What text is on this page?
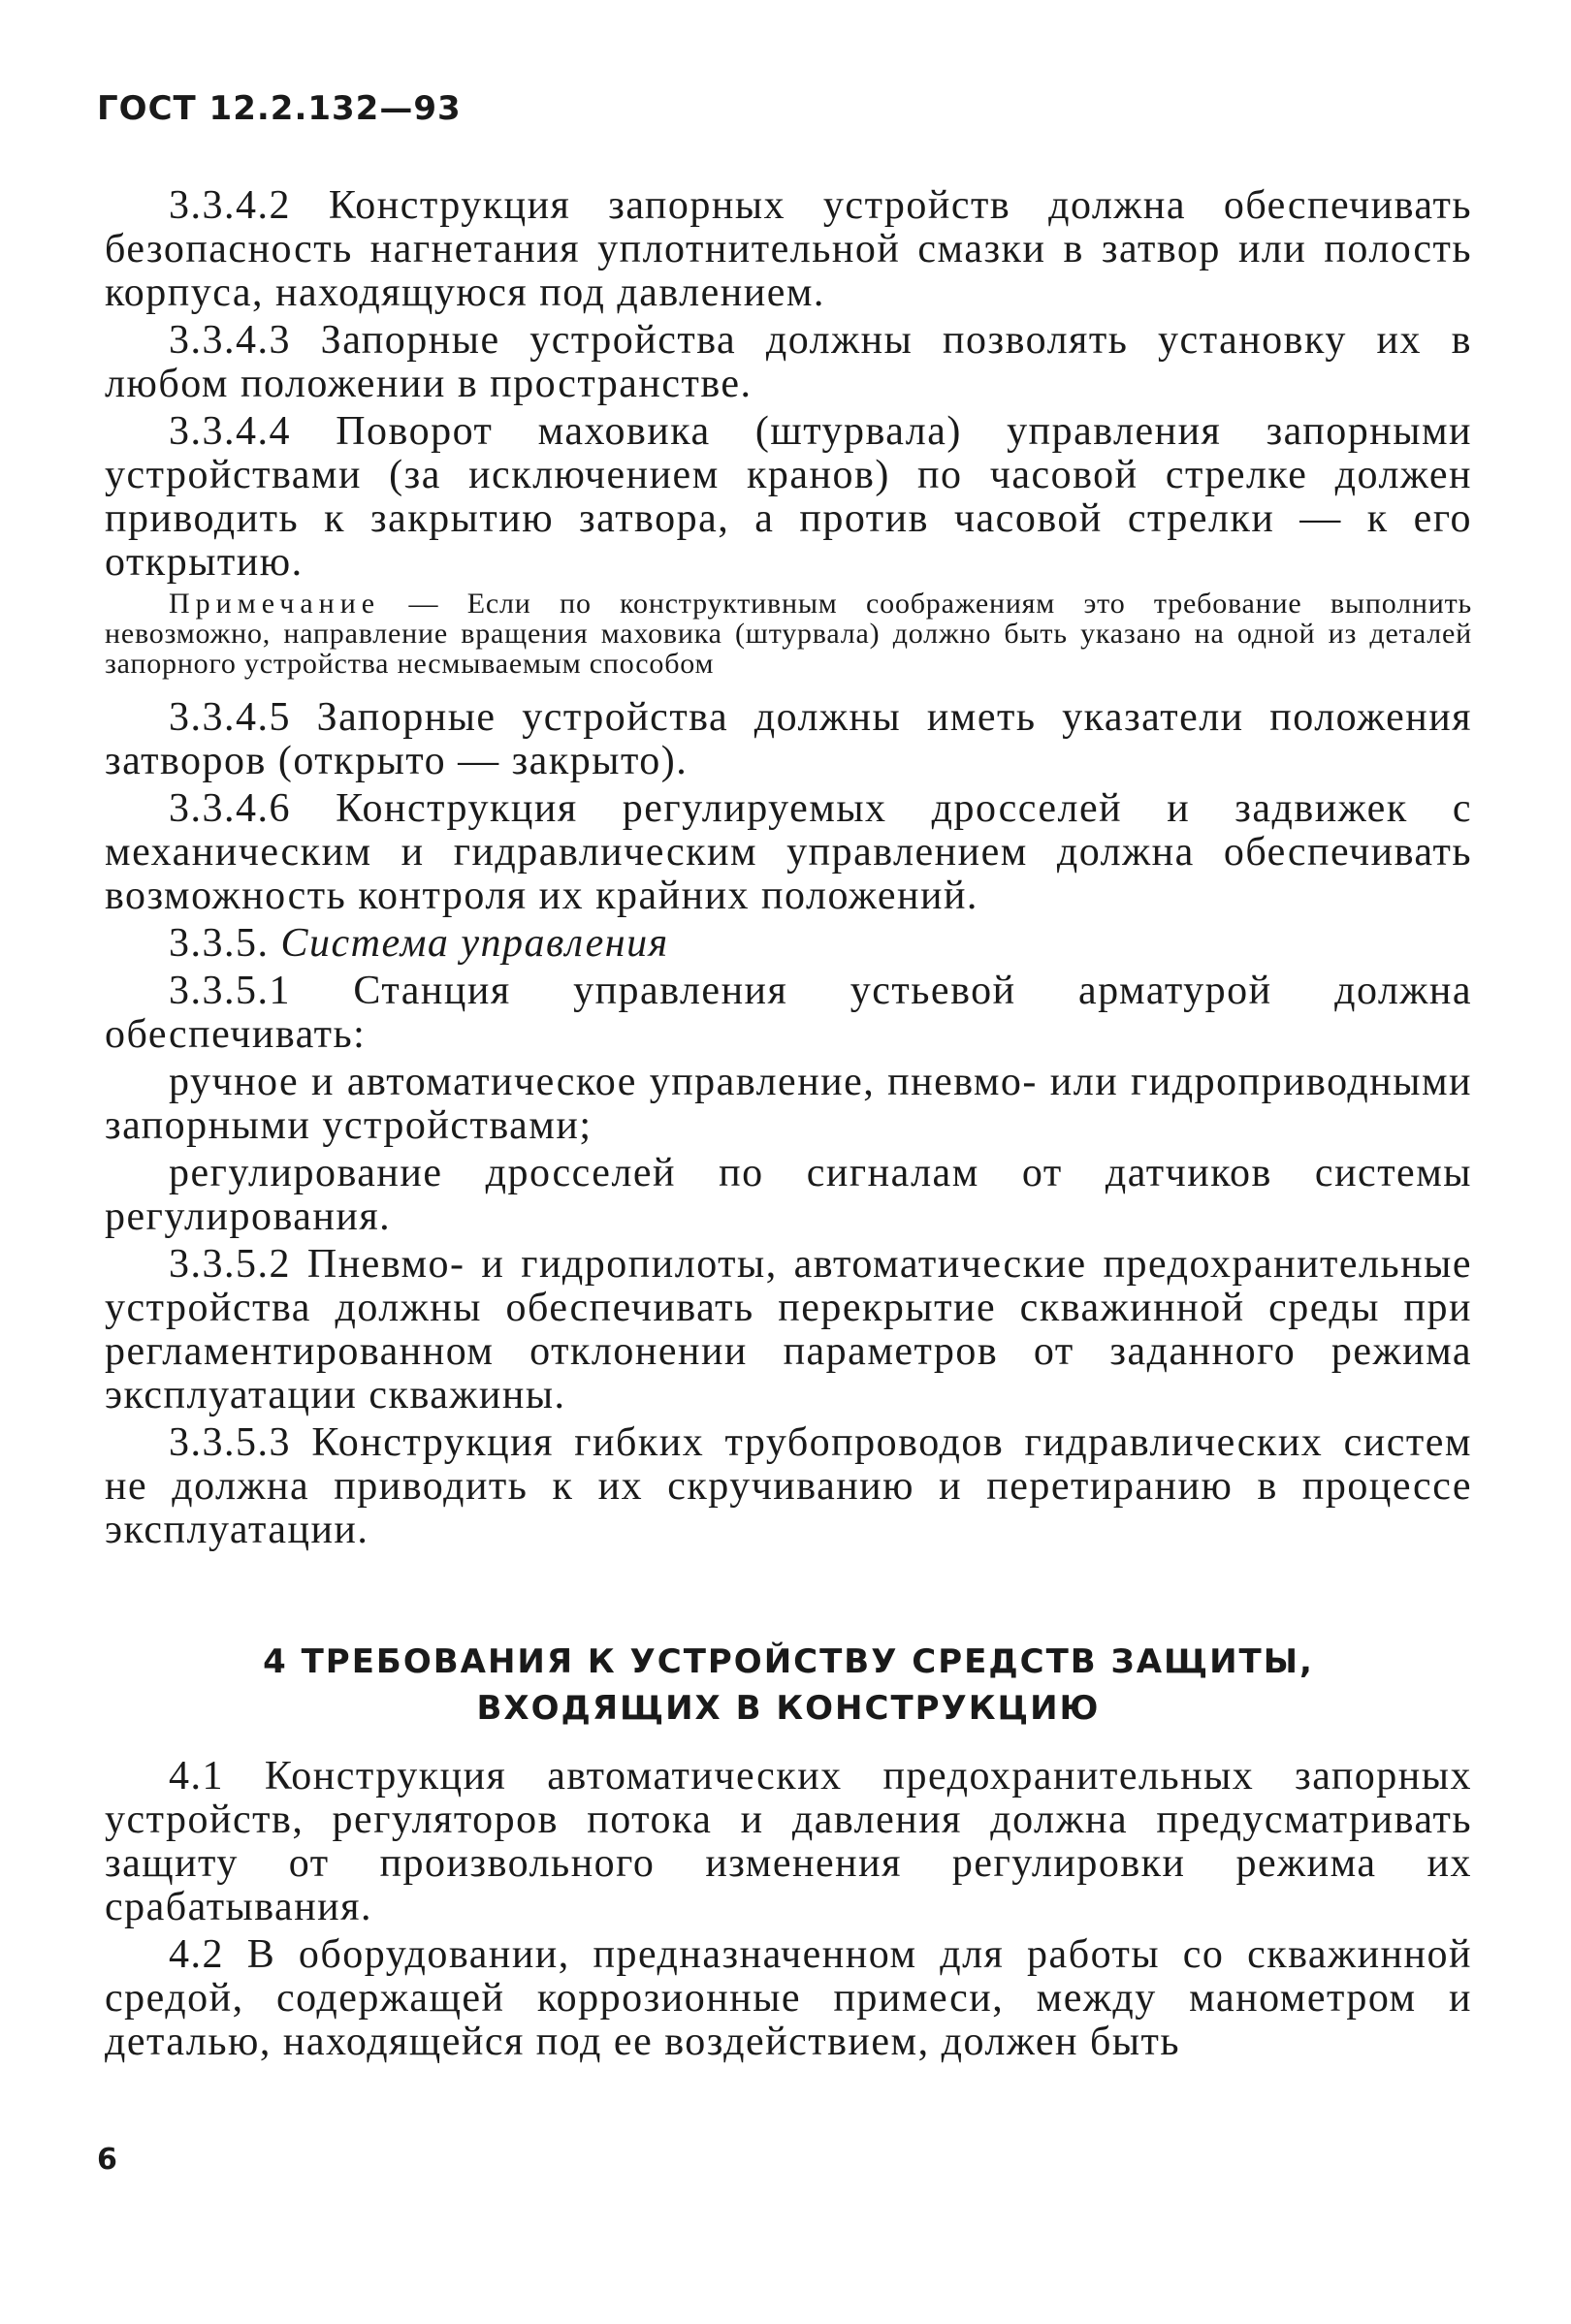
ГОСТ 12.2.132—93

3.3.4.2 Конструкция запорных устройств должна обеспечивать безопасность нагнетания уплотнительной смазки в затвор или полость корпуса, находящуюся под давлением.

3.3.4.3 Запорные устройства должны позволять установку их в любом положении в пространстве.

3.3.4.4 Поворот маховика (штурвала) управления запорными устройствами (за исключением кранов) по часовой стрелке должен приводить к закрытию затвора, а против часовой стрелки — к его открытию.

Примечание — Если по конструктивным соображениям это требование выполнить невозможно, направление вращения маховика (штурвала) должно быть указано на одной из деталей запорного устройства несмываемым способом

3.3.4.5 Запорные устройства должны иметь указатели положения затворов (открыто — закрыто).

3.3.4.6 Конструкция регулируемых дросселей и задвижек с механическим и гидравлическим управлением должна обеспечивать возможность контроля их крайних положений.

3.3.5. Система управления

3.3.5.1 Станция управления устьевой арматурой должна обеспечивать:

ручное и автоматическое управление, пневмо- или гидроприводными запорными устройствами;

регулирование дросселей по сигналам от датчиков системы регулирования.

3.3.5.2 Пневмо- и гидропилоты, автоматические предохранительные устройства должны обеспечивать перекрытие скважинной среды при регламентированном отклонении параметров от заданного режима эксплуатации скважины.

3.3.5.3 Конструкция гибких трубопроводов гидравлических систем не должна приводить к их скручиванию и перетиранию в процессе эксплуатации.

4 ТРЕБОВАНИЯ К УСТРОЙСТВУ СРЕДСТВ ЗАЩИТЫ,
ВХОДЯЩИХ В КОНСТРУКЦИЮ

4.1 Конструкция автоматических предохранительных запорных устройств, регуляторов потока и давления должна предусматривать защиту от произвольного изменения регулировки режима их срабатывания.

4.2 В оборудовании, предназначенном для работы со скважинной средой, содержащей коррозионные примеси, между манометром и деталью, находящейся под ее воздействием, должен быть

6
